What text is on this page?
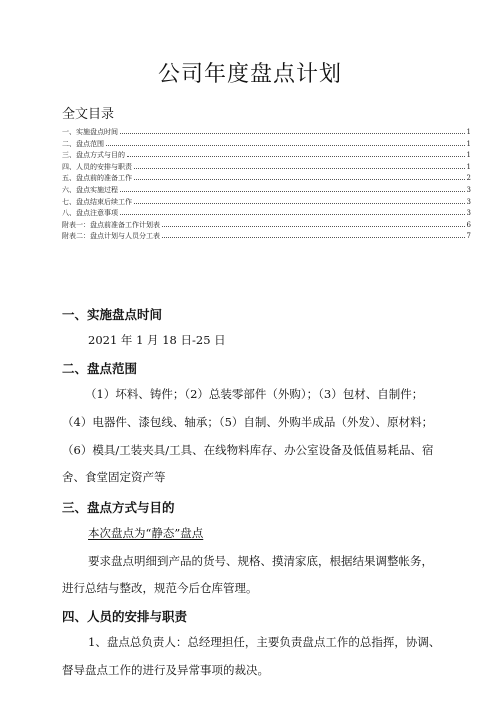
公司年度盘点计划
全文目录
一、实施盘点时间	1
二、盘点范围	1
三、盘点方式与目的	1
四、人员的安排与职责	1
五、盘点前的准备工作	2
六、盘点实施过程	3
七、盘点结束后续工作	3
八、盘点注意事项	3
附表一：盘点前准备工作计划表	6
附表二：盘点计划与人员分工表	7
一、实施盘点时间
2021 年 1 月 18 日-25 日
二、盘点范围
（1）坏料、铸件；（2）总装零部件（外购）；（3）包材、自制件；
（4）电器件、漆包线、轴承；（5）自制、外购半成品（外发）、原材料；
（6）模具/工装夹具/工具、在线物料库存、办公室设备及低值易耗品、宿
舍、食堂固定资产等
三、盘点方式与目的
本次盘点为“静态”盘点
要求盘点明细到产品的货号、规格、摸清家底，根据结果调整帐务，
进行总结与整改，规范今后仓库管理。
四、人员的安排与职责
1、盘点总负责人：总经理担任，主要负责盘点工作的总指挥，协调、
督导盘点工作的进行及异常事项的裁决。
